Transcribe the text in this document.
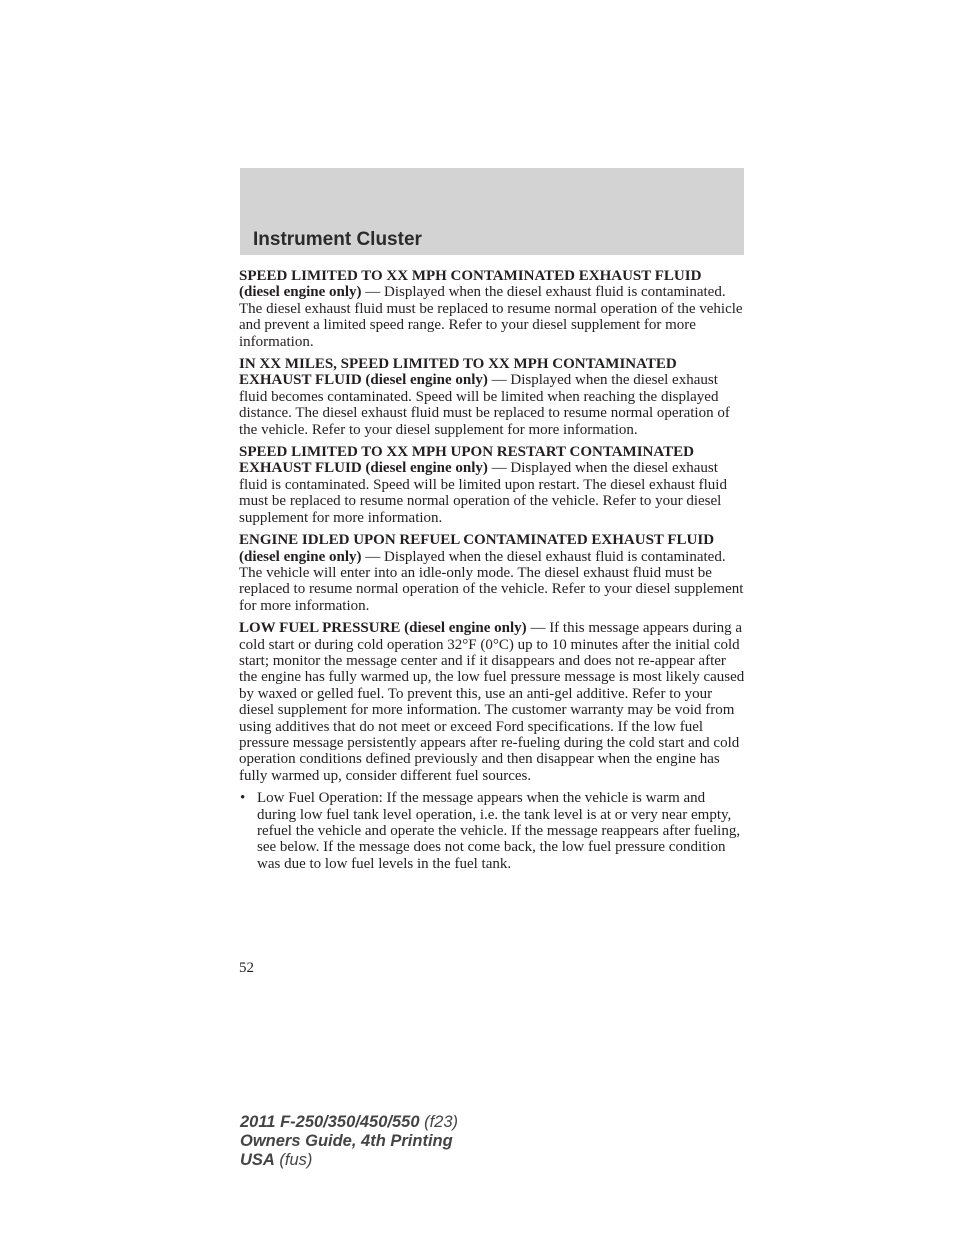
Instrument Cluster

SPEED LIMITED TO XX MPH CONTAMINATED EXHAUST FLUID (diesel engine only) — Displayed when the diesel exhaust fluid is contaminated. The diesel exhaust fluid must be replaced to resume normal operation of the vehicle and prevent a limited speed range. Refer to your diesel supplement for more information.

IN XX MILES, SPEED LIMITED TO XX MPH CONTAMINATED EXHAUST FLUID (diesel engine only) — Displayed when the diesel exhaust fluid becomes contaminated. Speed will be limited when reaching the displayed distance. The diesel exhaust fluid must be replaced to resume normal operation of the vehicle. Refer to your diesel supplement for more information.

SPEED LIMITED TO XX MPH UPON RESTART CONTAMINATED EXHAUST FLUID (diesel engine only) — Displayed when the diesel exhaust fluid is contaminated. Speed will be limited upon restart. The diesel exhaust fluid must be replaced to resume normal operation of the vehicle. Refer to your diesel supplement for more information.

ENGINE IDLED UPON REFUEL CONTAMINATED EXHAUST FLUID (diesel engine only) — Displayed when the diesel exhaust fluid is contaminated. The vehicle will enter into an idle-only mode. The diesel exhaust fluid must be replaced to resume normal operation of the vehicle. Refer to your diesel supplement for more information.

LOW FUEL PRESSURE (diesel engine only) — If this message appears during a cold start or during cold operation 32°F (0°C) up to 10 minutes after the initial cold start; monitor the message center and if it disappears and does not re-appear after the engine has fully warmed up, the low fuel pressure message is most likely caused by waxed or gelled fuel. To prevent this, use an anti-gel additive. Refer to your diesel supplement for more information. The customer warranty may be void from using additives that do not meet or exceed Ford specifications. If the low fuel pressure message persistently appears after re-fueling during the cold start and cold operation conditions defined previously and then disappear when the engine has fully warmed up, consider different fuel sources.

• Low Fuel Operation: If the message appears when the vehicle is warm and during low fuel tank level operation, i.e. the tank level is at or very near empty, refuel the vehicle and operate the vehicle. If the message reappears after fueling, see below. If the message does not come back, the low fuel pressure condition was due to low fuel levels in the fuel tank.
52
2011 F-250/350/450/550 (f23)
Owners Guide, 4th Printing
USA (fus)
